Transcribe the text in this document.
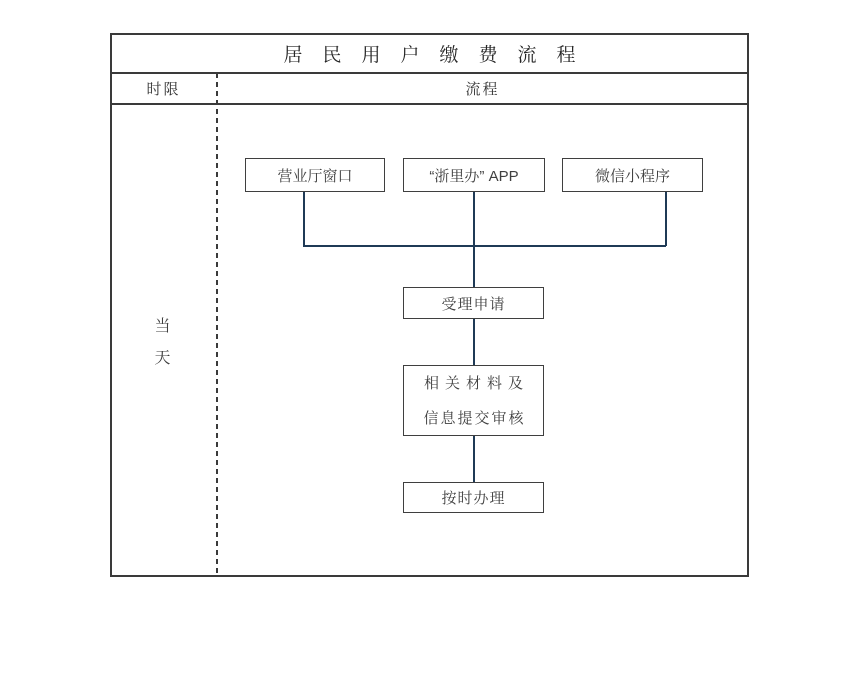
居民用户缴费流程
时限	流程
当
天
营业厅窗口	“浙里办” APP	微信小程序
受理申请
相关材料及
信息提交审核
按时办理
